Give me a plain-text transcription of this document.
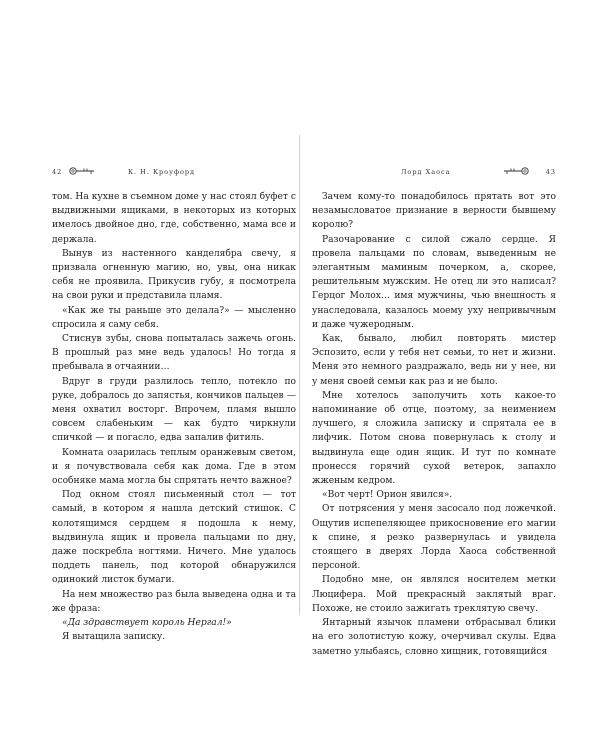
42	К. Н. Кроуфорд

том. На кухне в съемном доме у нас стоял буфет с выдвижными ящиками, в некоторых из которых имелось двойное дно, где, собственно, мама все и держала.

Вынув из настенного канделябра свечу, я призвала огненную магию, но, увы, она никак себя не проявила. Прикусив губу, я посмотрела на свои руки и представила пламя.

«Как же ты раньше это делала?» — мысленно спросила я саму себя.

Стиснув зубы, снова попыталась зажечь огонь. В прошлый раз мне ведь удалось! Но тогда я пребывала в отчаянии…

Вдруг в груди разлилось тепло, потекло по руке, добралось до запястья, кончиков пальцев — меня охватил восторг. Впрочем, пламя вышло совсем слабеньким — как будто чиркнули спичкой — и погасло, едва запалив фитиль.

Комната озарилась теплым оранжевым светом, и я почувствовала себя как дома. Где в этом особняке мама могла бы спрятать нечто важное?

Под окном стоял письменный стол — тот самый, в котором я нашла детский стишок. С колотящимся сердцем я подошла к нему, выдвинула ящик и провела пальцами по дну, даже поскребла ногтями. Ничего. Мне удалось поддеть панель, под которой обнаружился одинокий листок бумаги.

На нем множество раз была выведена одна и та же фраза:

«Да здравствует король Нергал!»

Я вытащила записку.

Лорд Хаоса	43

Зачем кому-то понадобилось прятать вот это незамысловатое признание в верности бывшему королю?

Разочарование с силой сжало сердце. Я провела пальцами по словам, выведенным не элегантным маминым почерком, а, скорее, решительным мужским. Не отец ли это написал? Герцог Молох… имя мужчины, чью внешность я унаследовала, казалось моему уху непривычным и даже чужеродным.

Как, бывало, любил повторять мистер Эспозито, если у тебя нет семьи, то нет и жизни. Меня это немного раздражало, ведь ни у нее, ни у меня своей семьи как раз и не было.

Мне хотелось заполучить хоть какое-то напоминание об отце, поэтому, за неимением лучшего, я сложила записку и спрятала ее в лифчик. Потом снова повернулась к столу и выдвинула еще один ящик. И тут по комнате пронесся горячий сухой ветерок, запахло жженым кедром.

«Вот черт! Орион явился».

От потрясения у меня засосало под ложечкой. Ощутив испепеляющее прикосновение его магии к спине, я резко развернулась и увидела стоящего в дверях Лорда Хаоса собственной персоной.

Подобно мне, он являлся носителем метки Люцифера. Мой прекрасный заклятый враг. Похоже, не стоило зажигать треклятую свечу.

Янтарный язычок пламени отбрасывал блики на его золотистую кожу, очерчивал скулы. Едва заметно улыбаясь, словно хищник, готовящийся
